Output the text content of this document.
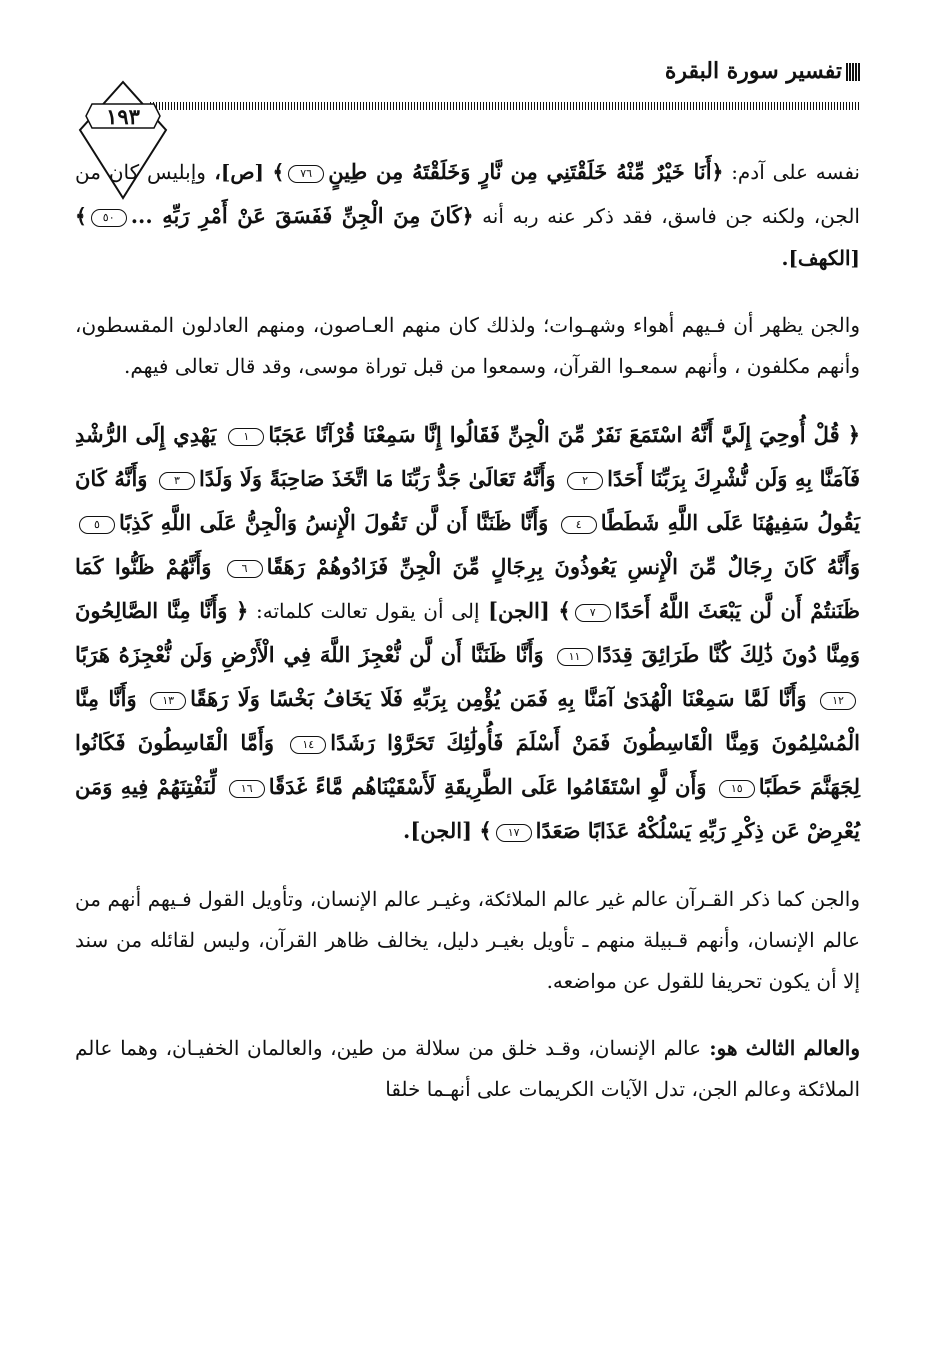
تفسير سورة البقرة
١٩٣

نفسه على آدم: ﴿أَنَا خَيْرٌ مِّنْهُ خَلَقْتَنِي مِن نَّارٍ وَخَلَقْتَهُ مِن طِينٍ٧٦﴾ [ص]، وإبليس كان من الجن، ولكنه جن فاسق، فقد ذكر عنه ربه أنه ﴿كَانَ مِنَ الْجِنِّ فَفَسَقَ عَنْ أَمْرِ رَبِّهِ ...٥٠﴾ [الكهف].

والجن يظهر أن فـيهم أهواء وشهـوات؛ ولذلك كان منهم العـاصون، ومنهم العادلون المقسطون، وأنهم مكلفون ، وأنهم سمعـوا القرآن، وسمعوا من قبل توراة موسى، وقد قال تعالى فيهم.

﴿ قُلْ أُوحِيَ إِلَيَّ أَنَّهُ اسْتَمَعَ نَفَرٌ مِّنَ الْجِنِّ فَقَالُوا إِنَّا سَمِعْنَا قُرْآنًا عَجَبًا١ يَهْدِي إِلَى الرُّشْدِ فَآمَنَّا بِهِ وَلَن نُّشْرِكَ بِرَبِّنَا أَحَدًا٢ وَأَنَّهُ تَعَالَىٰ جَدُّ رَبِّنَا مَا اتَّخَذَ صَاحِبَةً وَلَا وَلَدًا٣ وَأَنَّهُ كَانَ يَقُولُ سَفِيهُنَا عَلَى اللَّهِ شَطَطًا٤ وَأَنَّا ظَنَنَّا أَن لَّن تَقُولَ الْإِنسُ وَالْجِنُّ عَلَى اللَّهِ كَذِبًا٥ وَأَنَّهُ كَانَ رِجَالٌ مِّنَ الْإِنسِ يَعُوذُونَ بِرِجَالٍ مِّنَ الْجِنِّ فَزَادُوهُمْ رَهَقًا٦ وَأَنَّهُمْ ظَنُّوا كَمَا ظَنَنتُمْ أَن لَّن يَبْعَثَ اللَّهُ أَحَدًا٧﴾ [الجن] إلى أن يقول تعالت كلماته: ﴿ وَأَنَّا مِنَّا الصَّالِحُونَ وَمِنَّا دُونَ ذَٰلِكَ كُنَّا طَرَائِقَ قِدَدًا١١ وَأَنَّا ظَنَنَّا أَن لَّن نُّعْجِزَ اللَّهَ فِي الْأَرْضِ وَلَن نُّعْجِزَهُ هَرَبًا١٢ وَأَنَّا لَمَّا سَمِعْنَا الْهُدَىٰ آمَنَّا بِهِ فَمَن يُؤْمِن بِرَبِّهِ فَلَا يَخَافُ بَخْسًا وَلَا رَهَقًا١٣ وَأَنَّا مِنَّا الْمُسْلِمُونَ وَمِنَّا الْقَاسِطُونَ فَمَنْ أَسْلَمَ فَأُولَٰئِكَ تَحَرَّوْا رَشَدًا١٤ وَأَمَّا الْقَاسِطُونَ فَكَانُوا لِجَهَنَّمَ حَطَبًا١٥ وَأَن لَّوِ اسْتَقَامُوا عَلَى الطَّرِيقَةِ لَأَسْقَيْنَاهُم مَّاءً غَدَقًا١٦ لِّنَفْتِنَهُمْ فِيهِ وَمَن يُعْرِضْ عَن ذِكْرِ رَبِّهِ يَسْلُكْهُ عَذَابًا صَعَدًا١٧﴾ [الجن].

والجن كما ذكر القـرآن عالم غير عالم الملائكة، وغيـر عالم الإنسان، وتأويل القول فـيهم أنهم من عالم الإنسان، وأنهم قـبيلة منهم ـ تأويل بغيـر دليل، يخالف ظاهر القرآن، وليس لقائله من سند إلا أن يكون تحريفا للقول عن مواضعه.

والعالم الثالث هو: عالم الإنسان، وقـد خلق من سلالة من طين، والعالمان الخفيـان، وهما عالم الملائكة وعالم الجن، تدل الآيات الكريمات على أنهـما خلقا
